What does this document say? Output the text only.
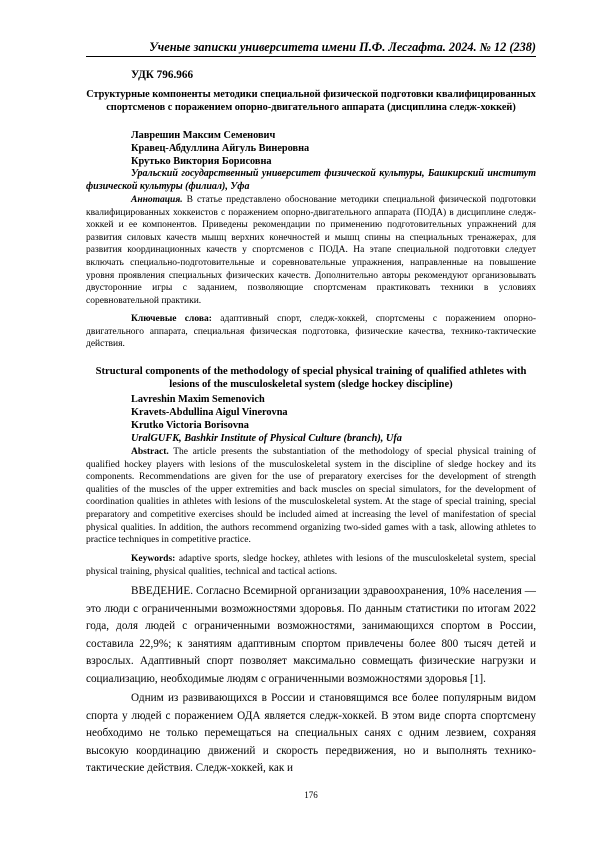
Ученые записки университета имени П.Ф. Лесгафта. 2024. № 12 (238)
УДК 796.966
Структурные компоненты методики специальной физической подготовки квалифицированных спортсменов с поражением опорно-двигательного аппарата (дисциплина следж-хоккей)
Лаврешин Максим Семенович
Кравец-Абдуллина Айгуль Винеровна
Крутько Виктория Борисовна
Уральский государственный университет физической культуры, Башкирский институт физической культуры (филиал), Уфа
Аннотация. В статье представлено обоснование методики специальной физической подготовки квалифицированных хоккеистов с поражением опорно-двигательного аппарата (ПОДА) в дисциплине следж-хоккей и ее компонентов. Приведены рекомендации по применению подготовительных упражнений для развития силовых качеств мышц верхних конечностей и мышц спины на специальных тренажерах, для развития координационных качеств у спортсменов с ПОДА. На этапе специальной подготовки следует включать специально-подготовительные и соревновательные упражнения, направленные на повышение уровня проявления специальных физических качеств. Дополнительно авторы рекомендуют организовывать двусторонние игры с заданием, позволяющие спортсменам практиковать техники в условиях соревновательной практики.
Ключевые слова: адаптивный спорт, следж-хоккей, спортсмены с поражением опорно-двигательного аппарата, специальная физическая подготовка, физические качества, технико-тактические действия.
Structural components of the methodology of special physical training of qualified athletes with lesions of the musculoskeletal system (sledge hockey discipline)
Lavreshin Maxim Semenovich
Kravets-Abdullina Aigul Vinerovna
Krutko Victoria Borisovna
UralGUFK, Bashkir Institute of Physical Culture (branch), Ufa
Abstract. The article presents the substantiation of the methodology of special physical training of qualified hockey players with lesions of the musculoskeletal system in the discipline of sledge hockey and its components. Recommendations are given for the use of preparatory exercises for the development of strength qualities of the muscles of the upper extremities and back muscles on special simulators, for the development of coordination qualities in athletes with lesions of the musculoskeletal system. At the stage of special training, special preparatory and competitive exercises should be included aimed at increasing the level of manifestation of special physical qualities. In addition, the authors recommend organizing two-sided games with a task, allowing athletes to practice techniques in competitive practice.
Keywords: adaptive sports, sledge hockey, athletes with lesions of the musculoskeletal system, special physical training, physical qualities, technical and tactical actions.
ВВЕДЕНИЕ. Согласно Всемирной организации здравоохранения, 10% населения —это люди с ограниченными возможностями здоровья. По данным статистики по итогам 2022 года, доля людей с ограниченными возможностями, занимающихся спортом в России, составила 22,9%; к занятиям адаптивным спортом привлечены более 800 тысяч детей и взрослых. Адаптивный спорт позволяет максимально совмещать физические нагрузки и социализацию, необходимые людям с ограниченными возможностями здоровья [1].
Одним из развивающихся в России и становящимся все более популярным видом спорта у людей с поражением ОДА является следж-хоккей. В этом виде спорта спортсмену необходимо не только перемещаться на специальных санях с одним лезвием, сохраняя высокую координацию движений и скорость передвижения, но и выполнять технико-тактические действия. Следж-хоккей, как и
176
